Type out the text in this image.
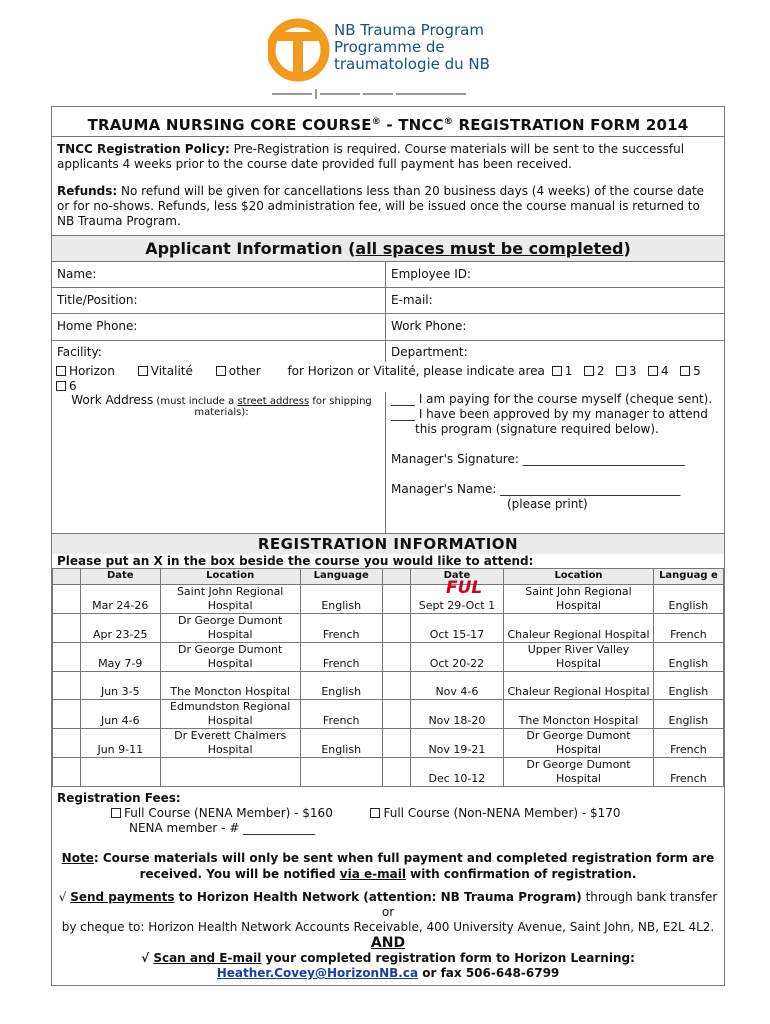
NB Trauma Program
Programme de
traumatologie du NB
TRAUMA NURSING CORE COURSE® - TNCC® REGISTRATION FORM 2014

TNCC Registration Policy: Pre-Registration is required. Course materials will be sent to the successful applicants 4 weeks prior to the course date provided full payment has been received.

Refunds: No refund will be given for cancellations less than 20 business days (4 weeks) of the course date or for no-shows. Refunds, less $20 administration fee, will be issued once the course manual is returned to NB Trauma Program.

Applicant Information (all spaces must be completed)
Name:	Employee ID:
Title/Position:	E-mail:
Home Phone:	Work Phone:
Facility:	Department:
Horizon	Vitalité	other for Horizon or Vitalité, please indicate area 1 2 3 4 5
6
Work Address (must include a street address for shipping
materials):
____ I am paying for the course myself (cheque sent).
____ I have been approved by my manager to attend
this program (signature required below).
Manager's Signature: ___________________________
Manager's Name: ______________________________
(please print)
REGISTRATION INFORMATION
Please put an X in the box beside the course you would like to attend:
	Date	Location	Language		Date	Location	Languag e
	Mar 24-26	Saint John Regional Hospital	English		Sept 29-Oct 1	Saint John Regional Hospital	English
	Apr 23-25	Dr George Dumont Hospital	French		Oct 15-17	Chaleur Regional Hospital	French
	May 7-9	Dr George Dumont Hospital	French		Oct 20-22	Upper River Valley Hospital	English
	Jun 3-5	The Moncton Hospital	English		Nov 4-6	Chaleur Regional Hospital	English
	Jun 4-6	Edmundston Regional Hospital	French		Nov 18-20	The Moncton Hospital	English
	Jun 9-11	Dr Everett Chalmers Hospital	English		Nov 19-21	Dr George Dumont Hospital	French
					Dec 10-12	Dr George Dumont Hospital	French
FUL
Registration Fees:
Full Course (NENA Member) - $160	Full Course (Non-NENA Member) - $170
NENA member - # ____________
Note: Course materials will only be sent when full payment and completed registration form are received. You will be notified via e-mail with confirmation of registration.
√ Send payments to Horizon Health Network (attention: NB Trauma Program) through bank transfer or
by cheque to: Horizon Health Network Accounts Receivable, 400 University Avenue, Saint John, NB, E2L 4L2.
AND
√ Scan and E-mail your completed registration form to Horizon Learning:
Heather.Covey@HorizonNB.ca or fax 506-648-6799
